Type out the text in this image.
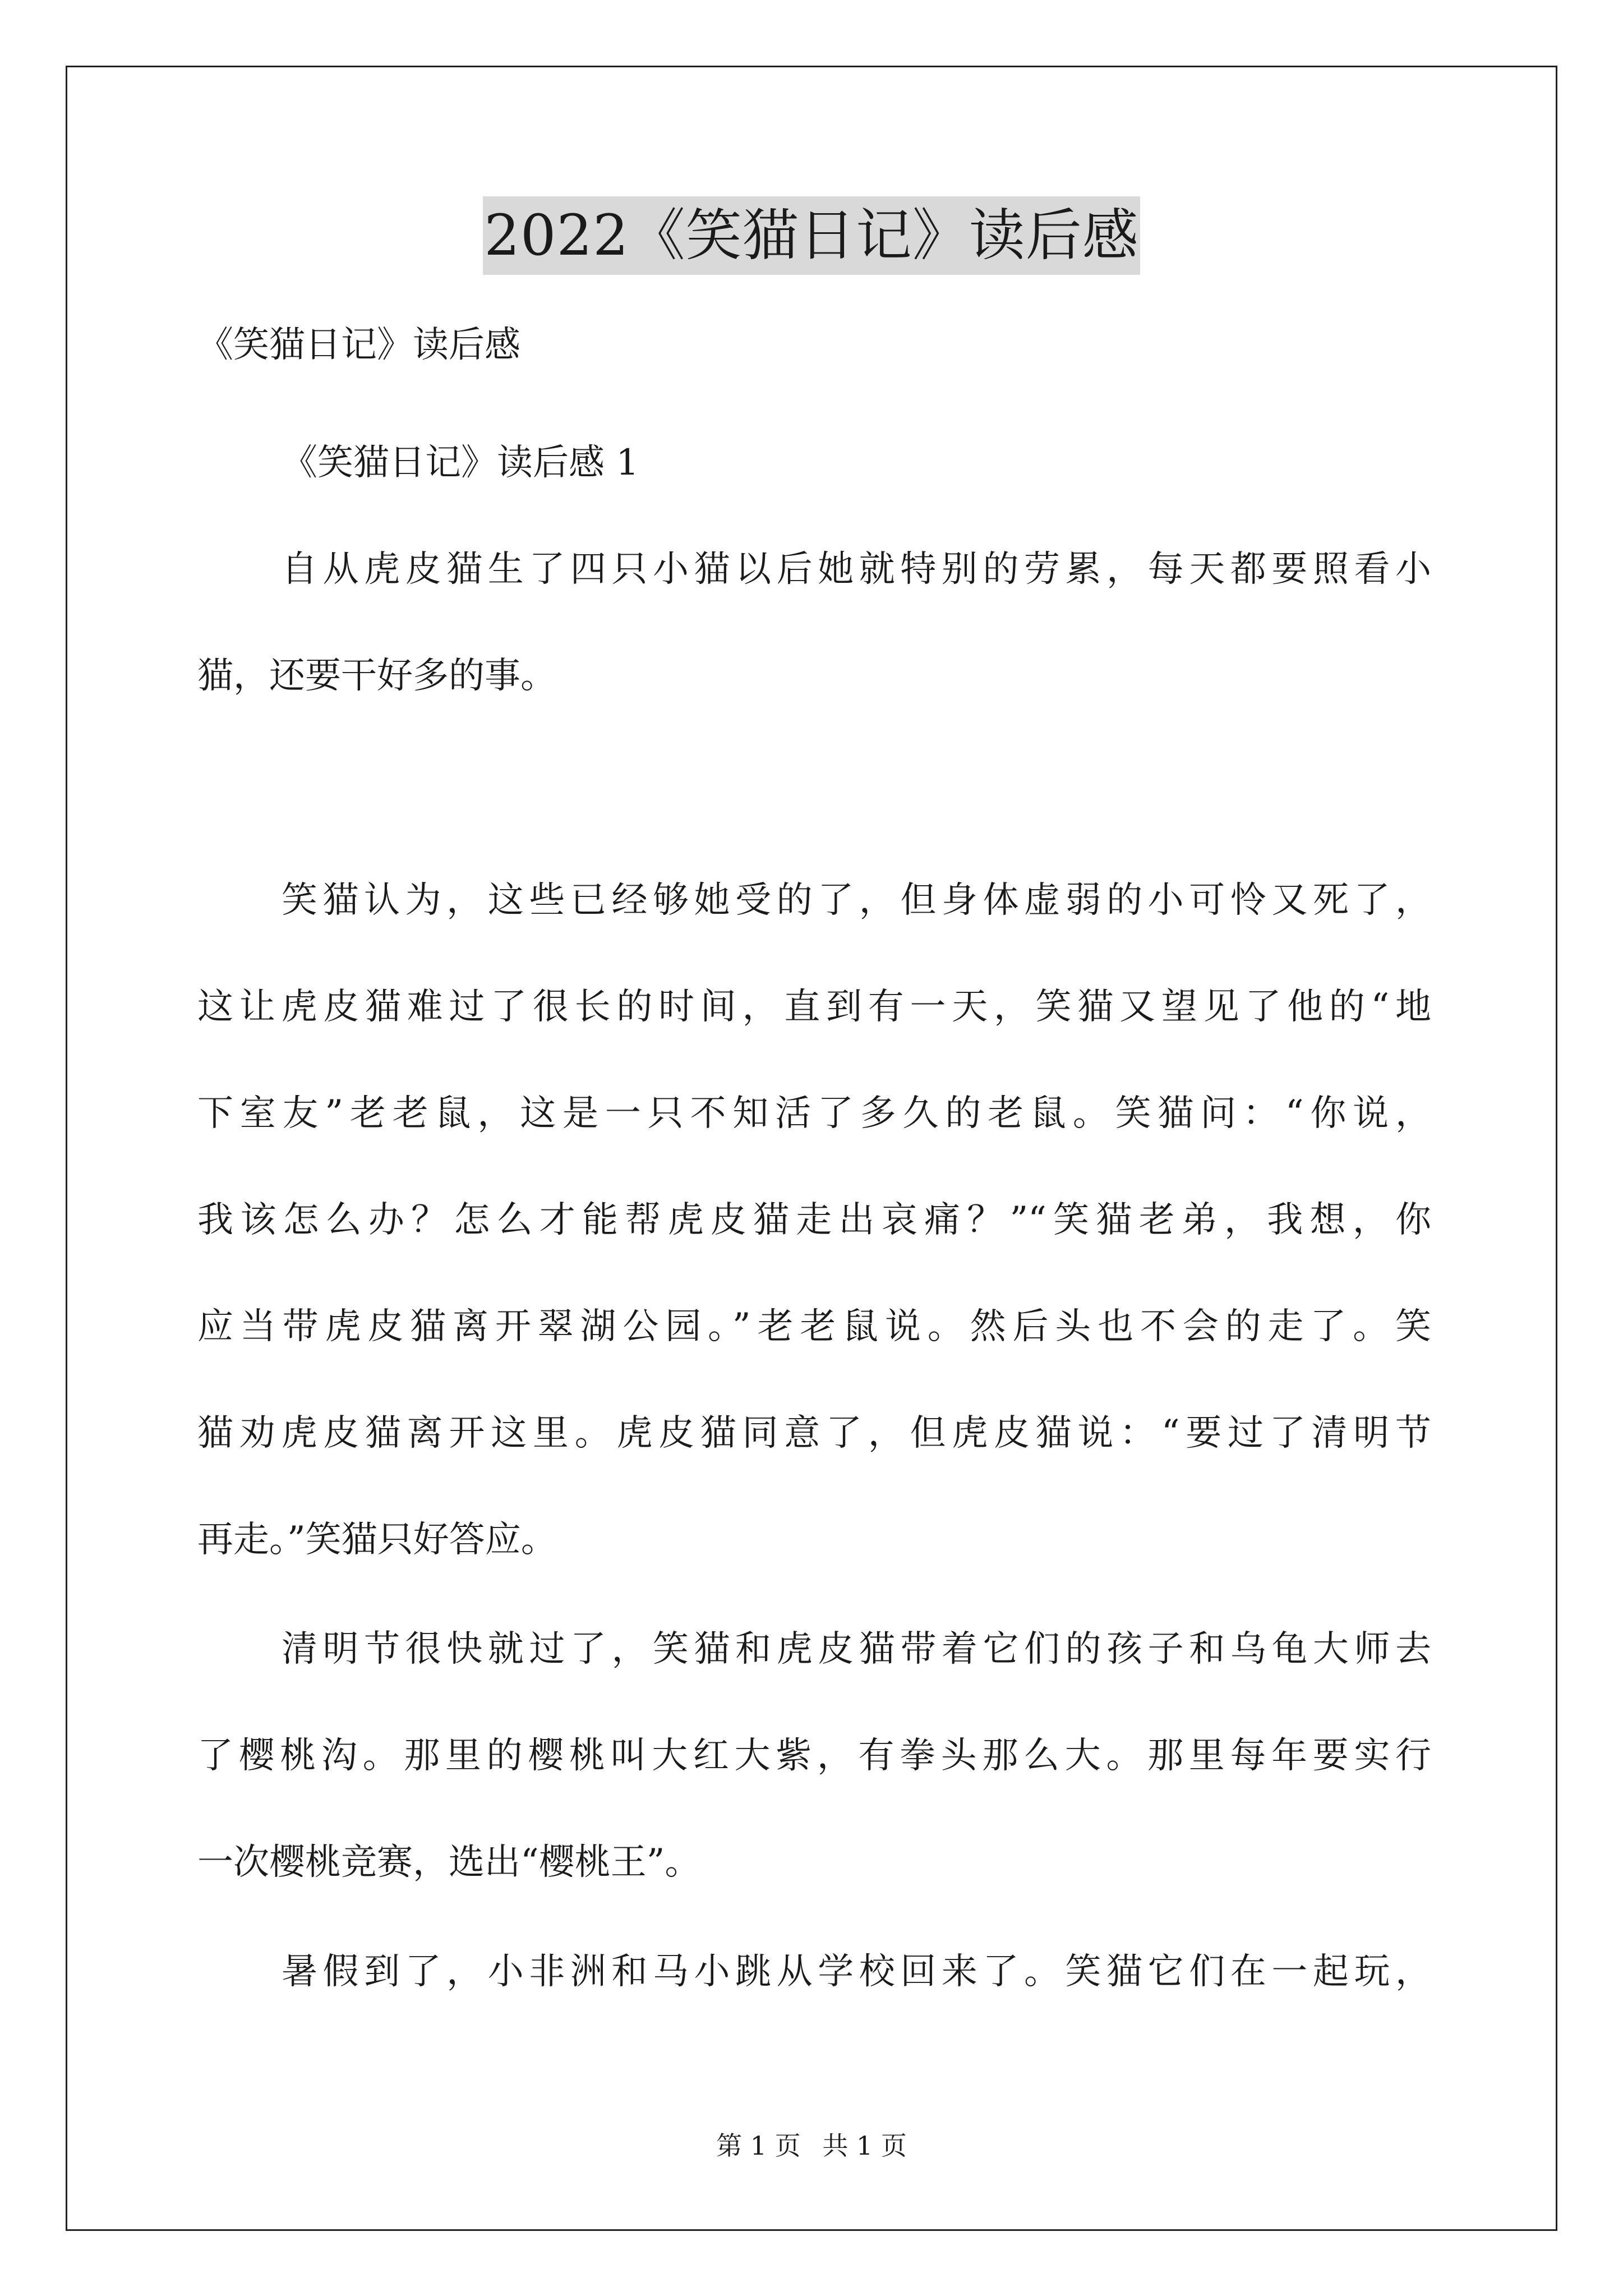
2022《笑猫日记》读后感
《笑猫日记》读后感
《笑猫日记》读后感 1
自从虎皮猫生了四只小猫以后她就特别的劳累，每天都要照看小
猫，还要干好多的事。
笑猫认为，这些已经够她受的了，但身体虚弱的小可怜又死了，
这让虎皮猫难过了很长的时间，直到有一天，笑猫又望见了他的“地
下室友”老老鼠，这是一只不知活了多久的老鼠。笑猫问：“你说，
我该怎么办？怎么才能帮虎皮猫走出哀痛？”“笑猫老弟，我想，你
应当带虎皮猫离开翠湖公园。”老老鼠说。然后头也不会的走了。笑
猫劝虎皮猫离开这里。虎皮猫同意了，但虎皮猫说：“要过了清明节
再走。”笑猫只好答应。
清明节很快就过了，笑猫和虎皮猫带着它们的孩子和乌龟大师去
了樱桃沟。那里的樱桃叫大红大紫，有拳头那么大。那里每年要实行
一次樱桃竞赛，选出“樱桃王”。
暑假到了，小非洲和马小跳从学校回来了。笑猫它们在一起玩，
第 1 页 共 1 页
